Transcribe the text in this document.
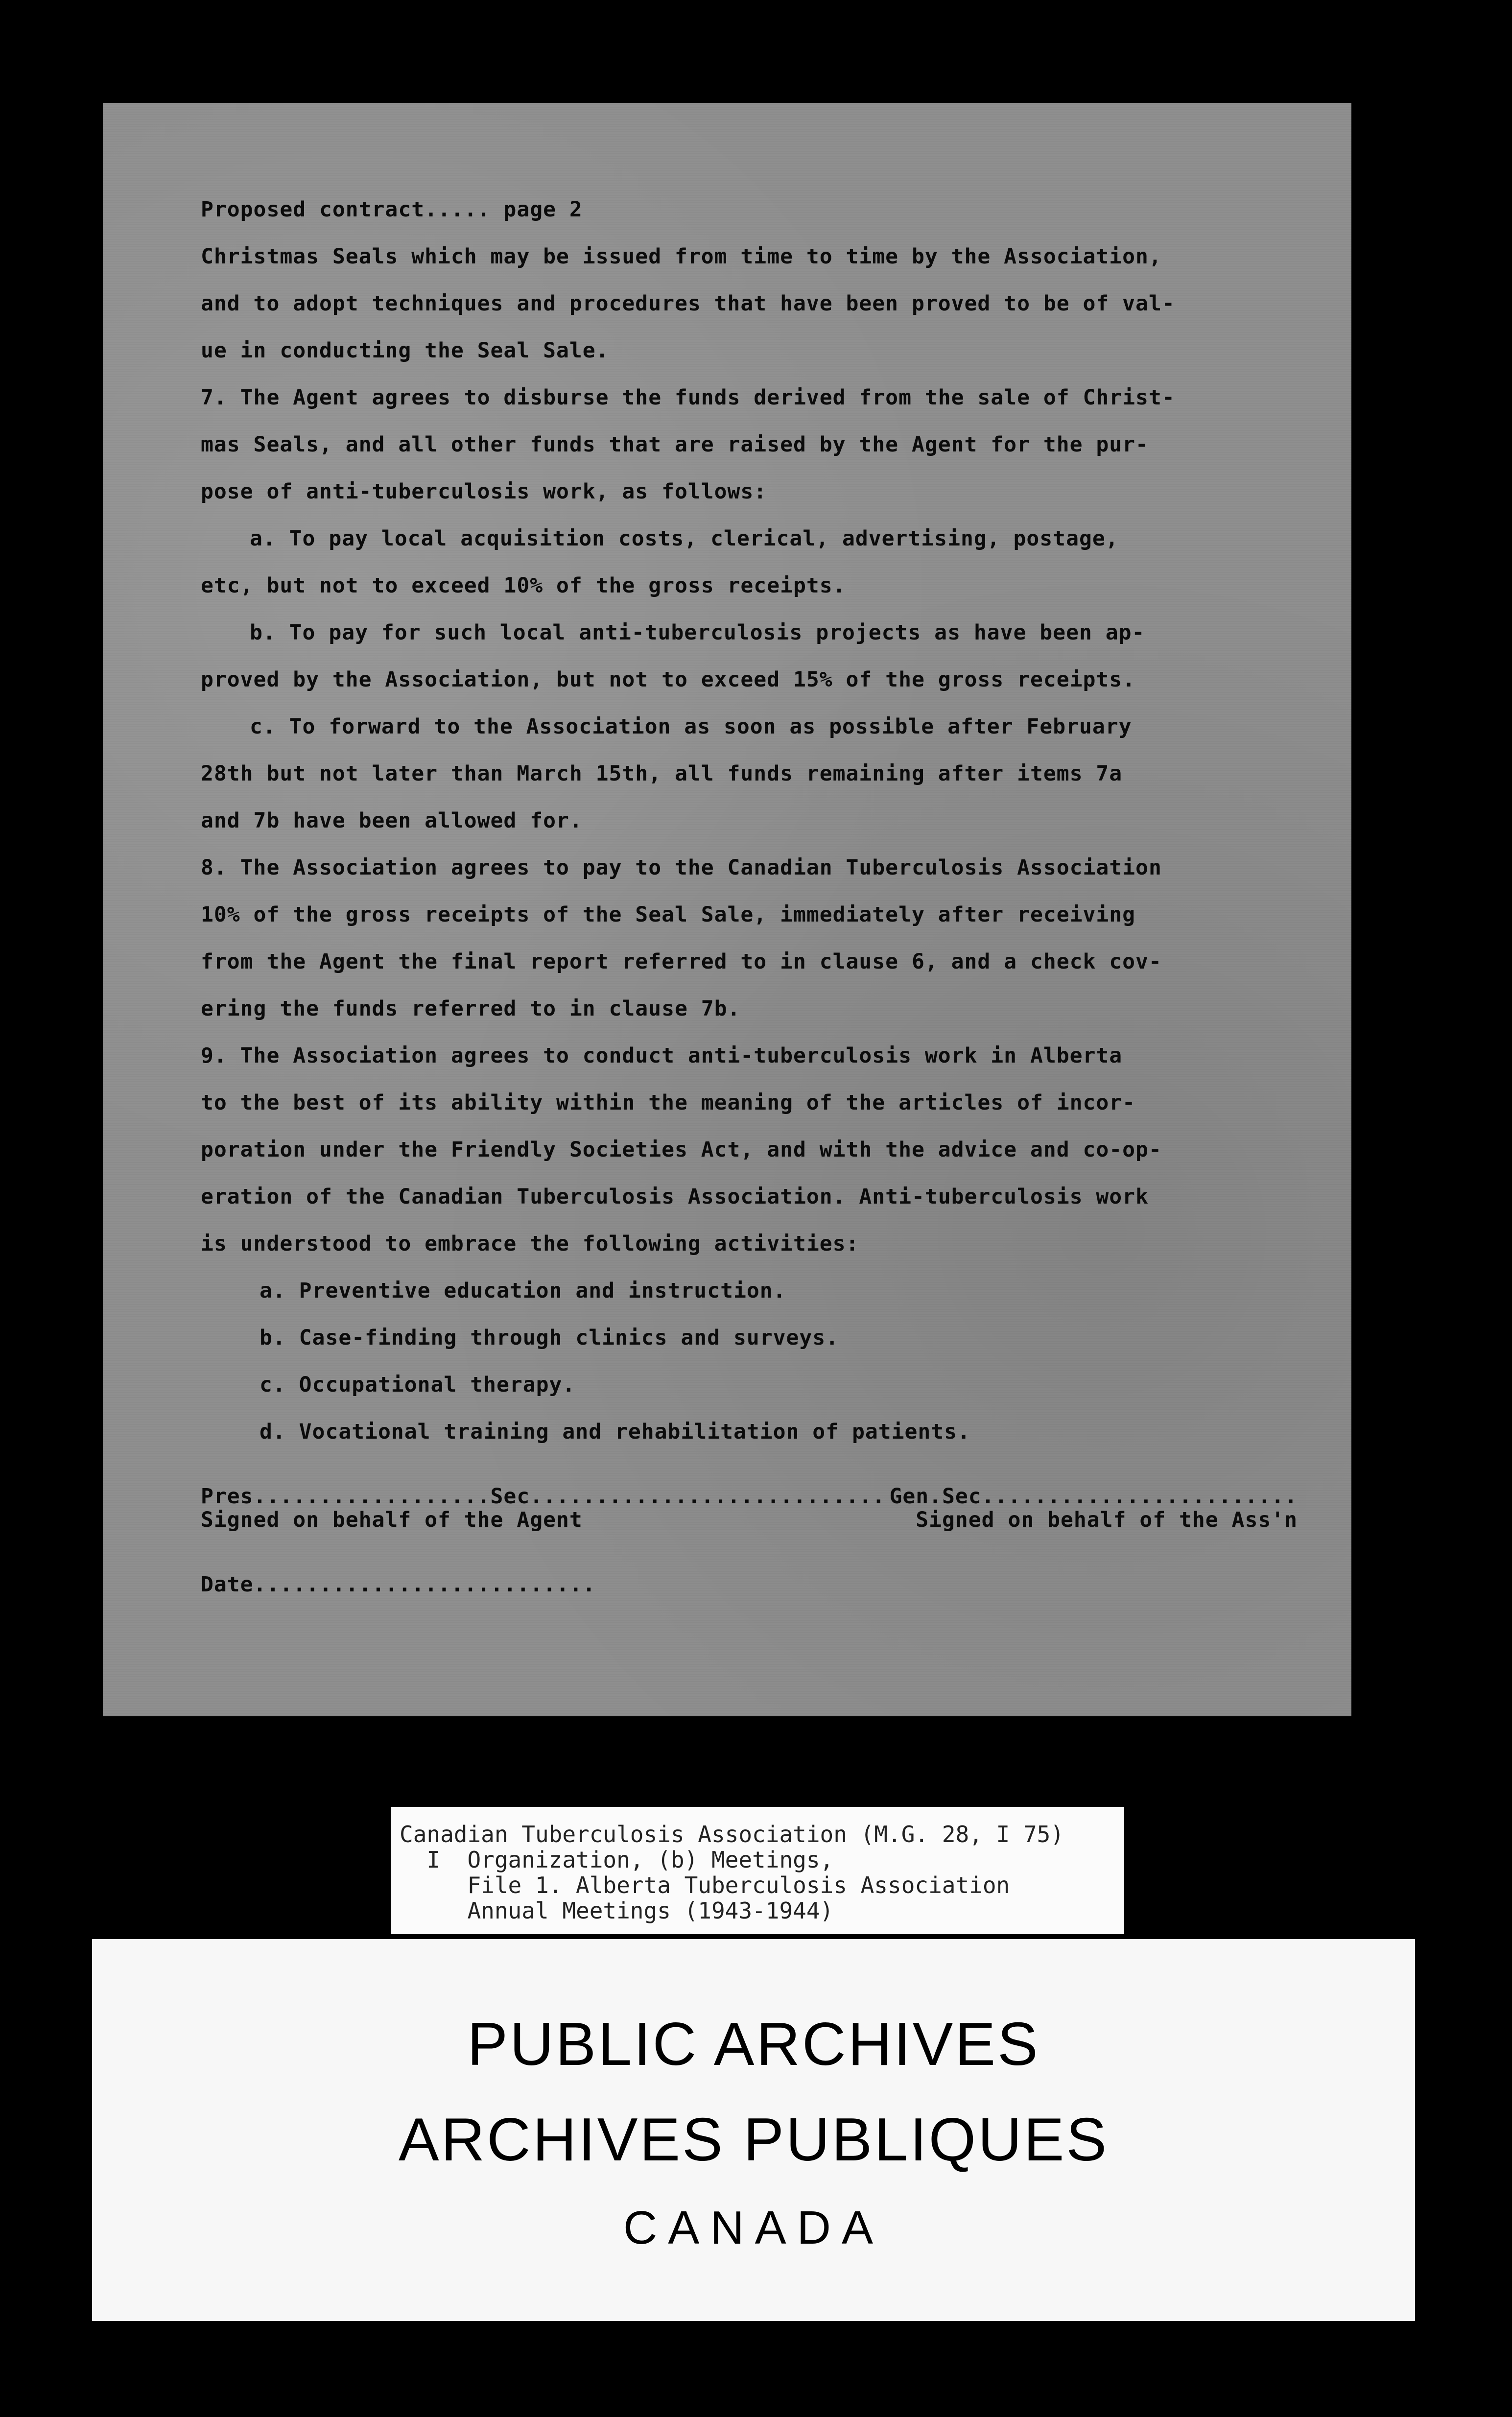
Proposed contract..... page 2
Christmas Seals which may be issued from time to time by the Association,
and to adopt techniques and procedures that have been proved to be of val-
ue in conducting the Seal Sale.
7. The Agent agrees to disburse the funds derived from the sale of Christ-
mas Seals, and all other funds that are raised by the Agent for the pur-
pose of anti-tuberculosis work, as follows:
a. To pay local acquisition costs, clerical, advertising, postage,
etc, but not to exceed 10% of the gross receipts.
b. To pay for such local anti-tuberculosis projects as have been ap-
proved by the Association, but not to exceed 15% of the gross receipts.
c. To forward to the Association as soon as possible after February
28th but not later than March 15th, all funds remaining after items 7a
and 7b have been allowed for.
8. The Association agrees to pay to the Canadian Tuberculosis Association
10% of the gross receipts of the Seal Sale, immediately after receiving
from the Agent the final report referred to in clause 6, and a check cov-
ering the funds referred to in clause 7b.
9. The Association agrees to conduct anti-tuberculosis work in Alberta
to the best of its ability within the meaning of the articles of incor-
poration under the Friendly Societies Act, and with the advice and co-op-
eration of the Canadian Tuberculosis Association. Anti-tuberculosis work
is understood to embrace the following activities:
a. Preventive education and instruction.
b. Case-finding through clinics and surveys.
c. Occupational therapy.
d. Vocational training and rehabilitation of patients.
Pres..................Sec........................... Gen.Sec........................
Signed on behalf of the Agent	Signed on behalf of the Ass'n
Date..........................
Canadian Tuberculosis Association (M.G. 28, I 75)
I  Organization, (b) Meetings,
File 1. Alberta Tuberculosis Association
Annual Meetings (1943-1944)
PUBLIC ARCHIVES
ARCHIVES PUBLIQUES
CANADA
